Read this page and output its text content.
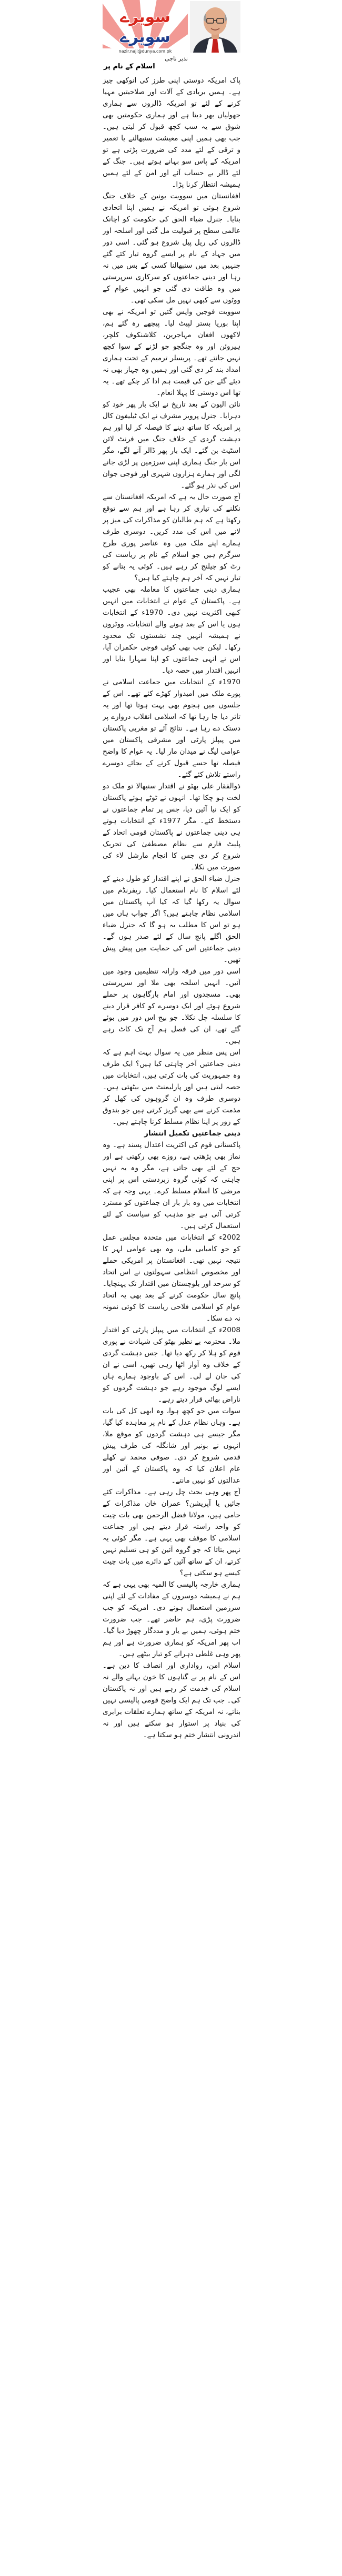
سویرے
سویرے
nazir.naji@dunya.com.pk
نذیر ناجی
اسلام کے نام پر

پاک امریکہ دوستی اپنی طرز کی انوکھی چیز ہے۔ ہمیں بربادی کے آلات اور صلاحیتیں مہیا کرنے کے لئے تو امریکہ ڈالروں سے ہماری جھولیاں بھر دیتا ہے اور ہماری حکومتیں بھی شوق سے یہ سب کچھ قبول کر لیتی ہیں۔ جب بھی ہمیں اپنی معیشت سنبھالنے یا تعمیر و ترقی کے لئے مدد کی ضرورت پڑتی ہے تو امریکہ کے پاس سو بہانے ہوتے ہیں۔ جنگ کے لئے ڈالر بے حساب آئے اور امن کے لئے ہمیں ہمیشہ انتظار کرنا پڑا۔

افغانستان میں سوویت یونین کے خلاف جنگ شروع ہوئی تو امریکہ نے ہمیں اپنا اتحادی بنایا۔ جنرل ضیاء الحق کی حکومت کو اچانک عالمی سطح پر قبولیت مل گئی اور اسلحہ اور ڈالروں کی ریل پیل شروع ہو گئی۔ اسی دور میں جہاد کے نام پر ایسے گروہ تیار کئے گئے جنہیں بعد میں سنبھالنا کسی کے بس میں نہ رہا اور دینی جماعتوں کو سرکاری سرپرستی میں وہ طاقت دی گئی جو انہیں عوام کے ووٹوں سے کبھی نہیں مل سکی تھی۔

سوویت فوجیں واپس گئیں تو امریکہ نے بھی اپنا بوریا بستر لپیٹ لیا۔ پیچھے رہ گئے ہم، لاکھوں افغان مہاجرین، کلاشنکوف کلچر، ہیروئن اور وہ جنگجو جو لڑنے کے سوا کچھ نہیں جانتے تھے۔ پریسلر ترمیم کے تحت ہماری امداد بند کر دی گئی اور ہمیں وہ جہاز بھی نہ دیئے گئے جن کی قیمت ہم ادا کر چکے تھے۔ یہ تھا اس دوستی کا پہلا انعام۔

نائن الیون کے بعد تاریخ نے ایک بار پھر خود کو دہرایا۔ جنرل پرویز مشرف نے ایک ٹیلیفون کال پر امریکہ کا ساتھ دینے کا فیصلہ کر لیا اور ہم دہشت گردی کے خلاف جنگ میں فرنٹ لائن اسٹیٹ بن گئے۔ ایک بار پھر ڈالر آنے لگے، مگر اس بار جنگ ہماری اپنی سرزمین پر لڑی جانے لگی اور ہمارے ہزاروں شہری اور فوجی جوان اس کی نذر ہو گئے۔

آج صورت حال یہ ہے کہ امریکہ افغانستان سے نکلنے کی تیاری کر رہا ہے اور ہم سے توقع رکھتا ہے کہ ہم طالبان کو مذاکرات کی میز پر لانے میں اس کی مدد کریں۔ دوسری طرف ہمارے اپنے ملک میں وہ عناصر پوری طرح سرگرم ہیں جو اسلام کے نام پر ریاست کی رٹ کو چیلنج کر رہے ہیں۔ کوئی یہ بتانے کو تیار نہیں کہ آخر ہم چاہتے کیا ہیں؟

ہماری دینی جماعتوں کا معاملہ بھی عجیب ہے۔ پاکستان کے عوام نے انتخابات میں انہیں کبھی اکثریت نہیں دی۔ 1970ء کے انتخابات ہوں یا اس کے بعد ہونے والے انتخابات، ووٹروں نے ہمیشہ انہیں چند نشستوں تک محدود رکھا۔ لیکن جب بھی کوئی فوجی حکمران آیا، اس نے انہی جماعتوں کو اپنا سہارا بنایا اور انہیں اقتدار میں حصہ دیا۔

1970ء کے انتخابات میں جماعت اسلامی نے پورے ملک میں امیدوار کھڑے کئے تھے۔ اس کے جلسوں میں ہجوم بھی بہت ہوتا تھا اور یہ تاثر دیا جا رہا تھا کہ اسلامی انقلاب دروازے پر دستک دے رہا ہے۔ نتائج آئے تو مغربی پاکستان میں پیپلز پارٹی اور مشرقی پاکستان میں عوامی لیگ نے میدان مار لیا۔ یہ عوام کا واضح فیصلہ تھا جسے قبول کرنے کے بجائے دوسرے راستے تلاش کئے گئے۔

ذوالفقار علی بھٹو نے اقتدار سنبھالا تو ملک دو لخت ہو چکا تھا۔ انہوں نے ٹوٹے ہوئے پاکستان کو ایک نیا آئین دیا، جس پر تمام جماعتوں نے دستخط کئے۔ مگر 1977ء کے انتخابات ہوتے ہی دینی جماعتوں نے پاکستان قومی اتحاد کے پلیٹ فارم سے نظام مصطفیٰ کی تحریک شروع کر دی جس کا انجام مارشل لاء کی صورت میں نکلا۔

جنرل ضیاء الحق نے اپنے اقتدار کو طول دینے کے لئے اسلام کا نام استعمال کیا۔ ریفرنڈم میں سوال یہ رکھا گیا کہ کیا آپ پاکستان میں اسلامی نظام چاہتے ہیں؟ اگر جواب ہاں میں ہو تو اس کا مطلب یہ ہو گا کہ جنرل ضیاء الحق اگلے پانچ سال کے لئے صدر ہوں گے۔ دینی جماعتیں اس کی حمایت میں پیش پیش تھیں۔

اسی دور میں فرقہ وارانہ تنظیمیں وجود میں آئیں۔ انہیں اسلحہ بھی ملا اور سرپرستی بھی۔ مسجدوں اور امام بارگاہوں پر حملے شروع ہوئے اور ایک دوسرے کو کافر قرار دینے کا سلسلہ چل نکلا۔ جو بیج اس دور میں بوئے گئے تھے، ان کی فصل ہم آج تک کاٹ رہے ہیں۔

اس پس منظر میں یہ سوال بہت اہم ہے کہ دینی جماعتیں آخر چاہتی کیا ہیں؟ ایک طرف وہ جمہوریت کی بات کرتی ہیں، انتخابات میں حصہ لیتی ہیں اور پارلیمنٹ میں بیٹھتی ہیں۔ دوسری طرف وہ ان گروہوں کی کھل کر مذمت کرنے سے بھی گریز کرتی ہیں جو بندوق کے زور پر اپنا نظام مسلط کرنا چاہتے ہیں۔

دینی جماعتیں تکمیل انتشار

پاکستانی قوم کی اکثریت اعتدال پسند ہے۔ وہ نماز بھی پڑھتی ہے، روزے بھی رکھتی ہے اور حج کے لئے بھی جاتی ہے، مگر وہ یہ نہیں چاہتی کہ کوئی گروہ زبردستی اس پر اپنی مرضی کا اسلام مسلط کرے۔ یہی وجہ ہے کہ انتخابات میں وہ بار بار ان جماعتوں کو مسترد کرتی آئی ہے جو مذہب کو سیاست کے لئے استعمال کرتی ہیں۔

2002ء کے انتخابات میں متحدہ مجلس عمل کو جو کامیابی ملی، وہ بھی عوامی لہر کا نتیجہ نہیں تھی۔ افغانستان پر امریکی حملے اور مخصوص انتظامی سہولتوں نے اس اتحاد کو سرحد اور بلوچستان میں اقتدار تک پہنچایا۔ پانچ سال حکومت کرنے کے بعد بھی یہ اتحاد عوام کو اسلامی فلاحی ریاست کا کوئی نمونہ نہ دے سکا۔

2008ء کے انتخابات میں پیپلز پارٹی کو اقتدار ملا۔ محترمہ بے نظیر بھٹو کی شہادت نے پوری قوم کو ہلا کر رکھ دیا تھا۔ جس دہشت گردی کے خلاف وہ آواز اٹھا رہی تھیں، اسی نے ان کی جان لے لی۔ اس کے باوجود ہمارے ہاں ایسے لوگ موجود رہے جو دہشت گردوں کو ناراض بھائی قرار دیتے رہے۔

سوات میں جو کچھ ہوا، وہ ابھی کل کی بات ہے۔ وہاں نظام عدل کے نام پر معاہدہ کیا گیا، مگر جیسے ہی دہشت گردوں کو موقع ملا، انہوں نے بونیر اور شانگلہ کی طرف پیش قدمی شروع کر دی۔ صوفی محمد نے کھلے عام اعلان کیا کہ وہ پاکستان کے آئین اور عدالتوں کو نہیں مانتے۔

آج پھر وہی بحث چل رہی ہے۔ مذاکرات کئے جائیں یا آپریشن؟ عمران خان مذاکرات کے حامی ہیں، مولانا فضل الرحمن بھی بات چیت کو واحد راستہ قرار دیتے ہیں اور جماعت اسلامی کا موقف بھی یہی ہے۔ مگر کوئی یہ نہیں بتاتا کہ جو گروہ آئین کو ہی تسلیم نہیں کرتے، ان کے ساتھ آئین کے دائرے میں بات چیت کیسے ہو سکتی ہے؟

ہماری خارجہ پالیسی کا المیہ بھی یہی ہے کہ ہم نے ہمیشہ دوسروں کے مفادات کے لئے اپنی سرزمین استعمال ہونے دی۔ امریکہ کو جب ضرورت پڑی، ہم حاضر تھے۔ جب ضرورت ختم ہوئی، ہمیں بے یار و مددگار چھوڑ دیا گیا۔ اب پھر امریکہ کو ہماری ضرورت ہے اور ہم پھر وہی غلطی دہرانے کو تیار بیٹھے ہیں۔

اسلام امن، رواداری اور انصاف کا دین ہے۔ اس کے نام پر بے گناہوں کا خون بہانے والے نہ اسلام کی خدمت کر رہے ہیں اور نہ پاکستان کی۔ جب تک ہم ایک واضح قومی پالیسی نہیں بناتے، نہ امریکہ کے ساتھ ہمارے تعلقات برابری کی بنیاد پر استوار ہو سکتے ہیں اور نہ اندرونی انتشار ختم ہو سکتا ہے۔
